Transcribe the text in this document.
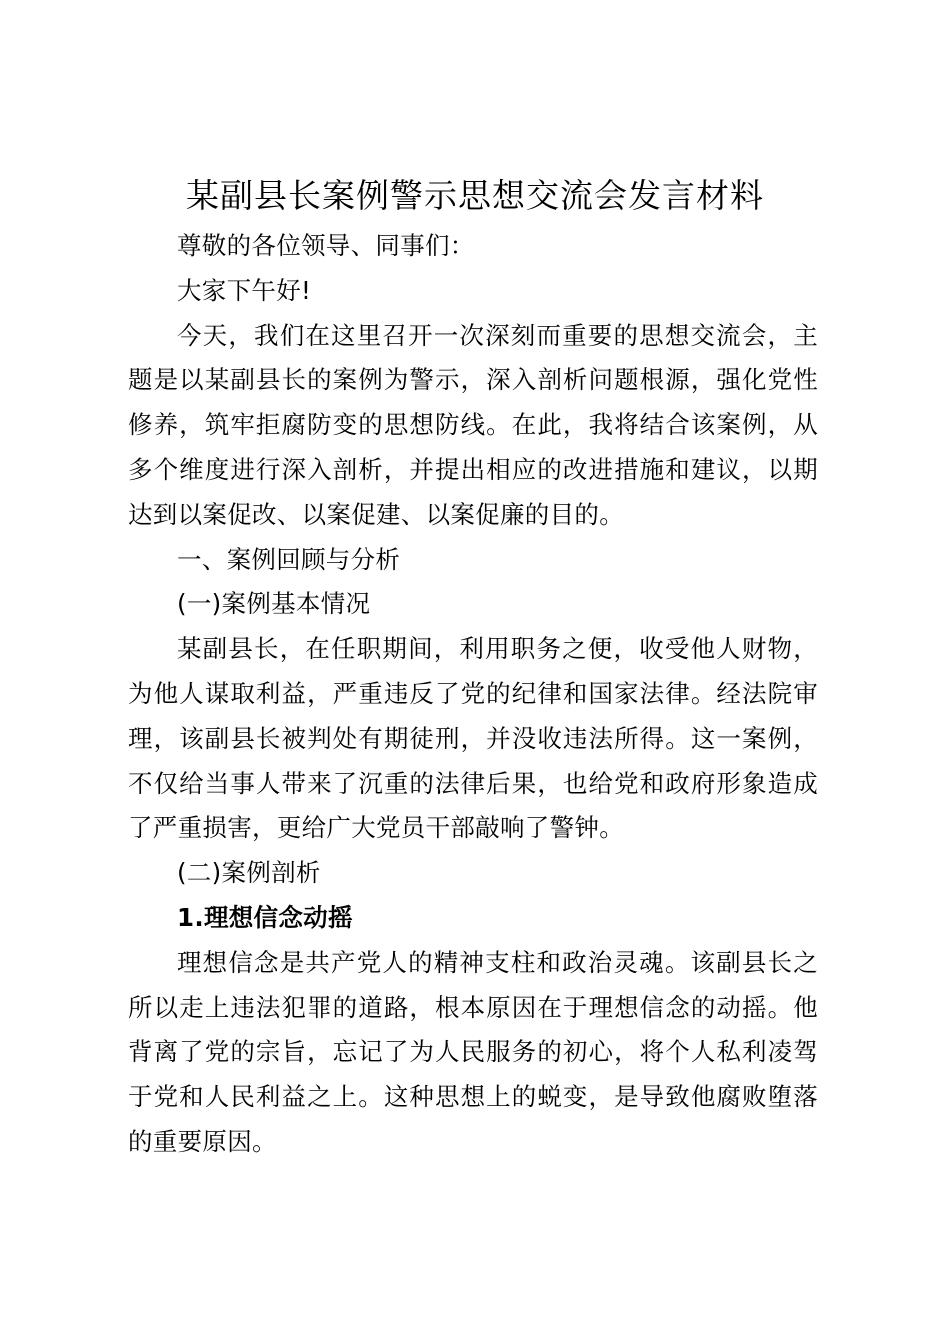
某副县长案例警示思想交流会发言材料

尊敬的各位领导、同事们：

大家下午好!

今天，我们在这里召开一次深刻而重要的思想交流会，主题是以某副县长的案例为警示，深入剖析问题根源，强化党性修养，筑牢拒腐防变的思想防线。在此，我将结合该案例，从多个维度进行深入剖析，并提出相应的改进措施和建议，以期达到以案促改、以案促建、以案促廉的目的。

一、案例回顾与分析

(一)案例基本情况

某副县长，在任职期间，利用职务之便，收受他人财物，为他人谋取利益，严重违反了党的纪律和国家法律。经法院审理，该副县长被判处有期徒刑，并没收违法所得。这一案例，不仅给当事人带来了沉重的法律后果，也给党和政府形象造成了严重损害，更给广大党员干部敲响了警钟。

(二)案例剖析

1.理想信念动摇

理想信念是共产党人的精神支柱和政治灵魂。该副县长之所以走上违法犯罪的道路，根本原因在于理想信念的动摇。他背离了党的宗旨，忘记了为人民服务的初心，将个人私利凌驾于党和人民利益之上。这种思想上的蜕变，是导致他腐败堕落的重要原因。
